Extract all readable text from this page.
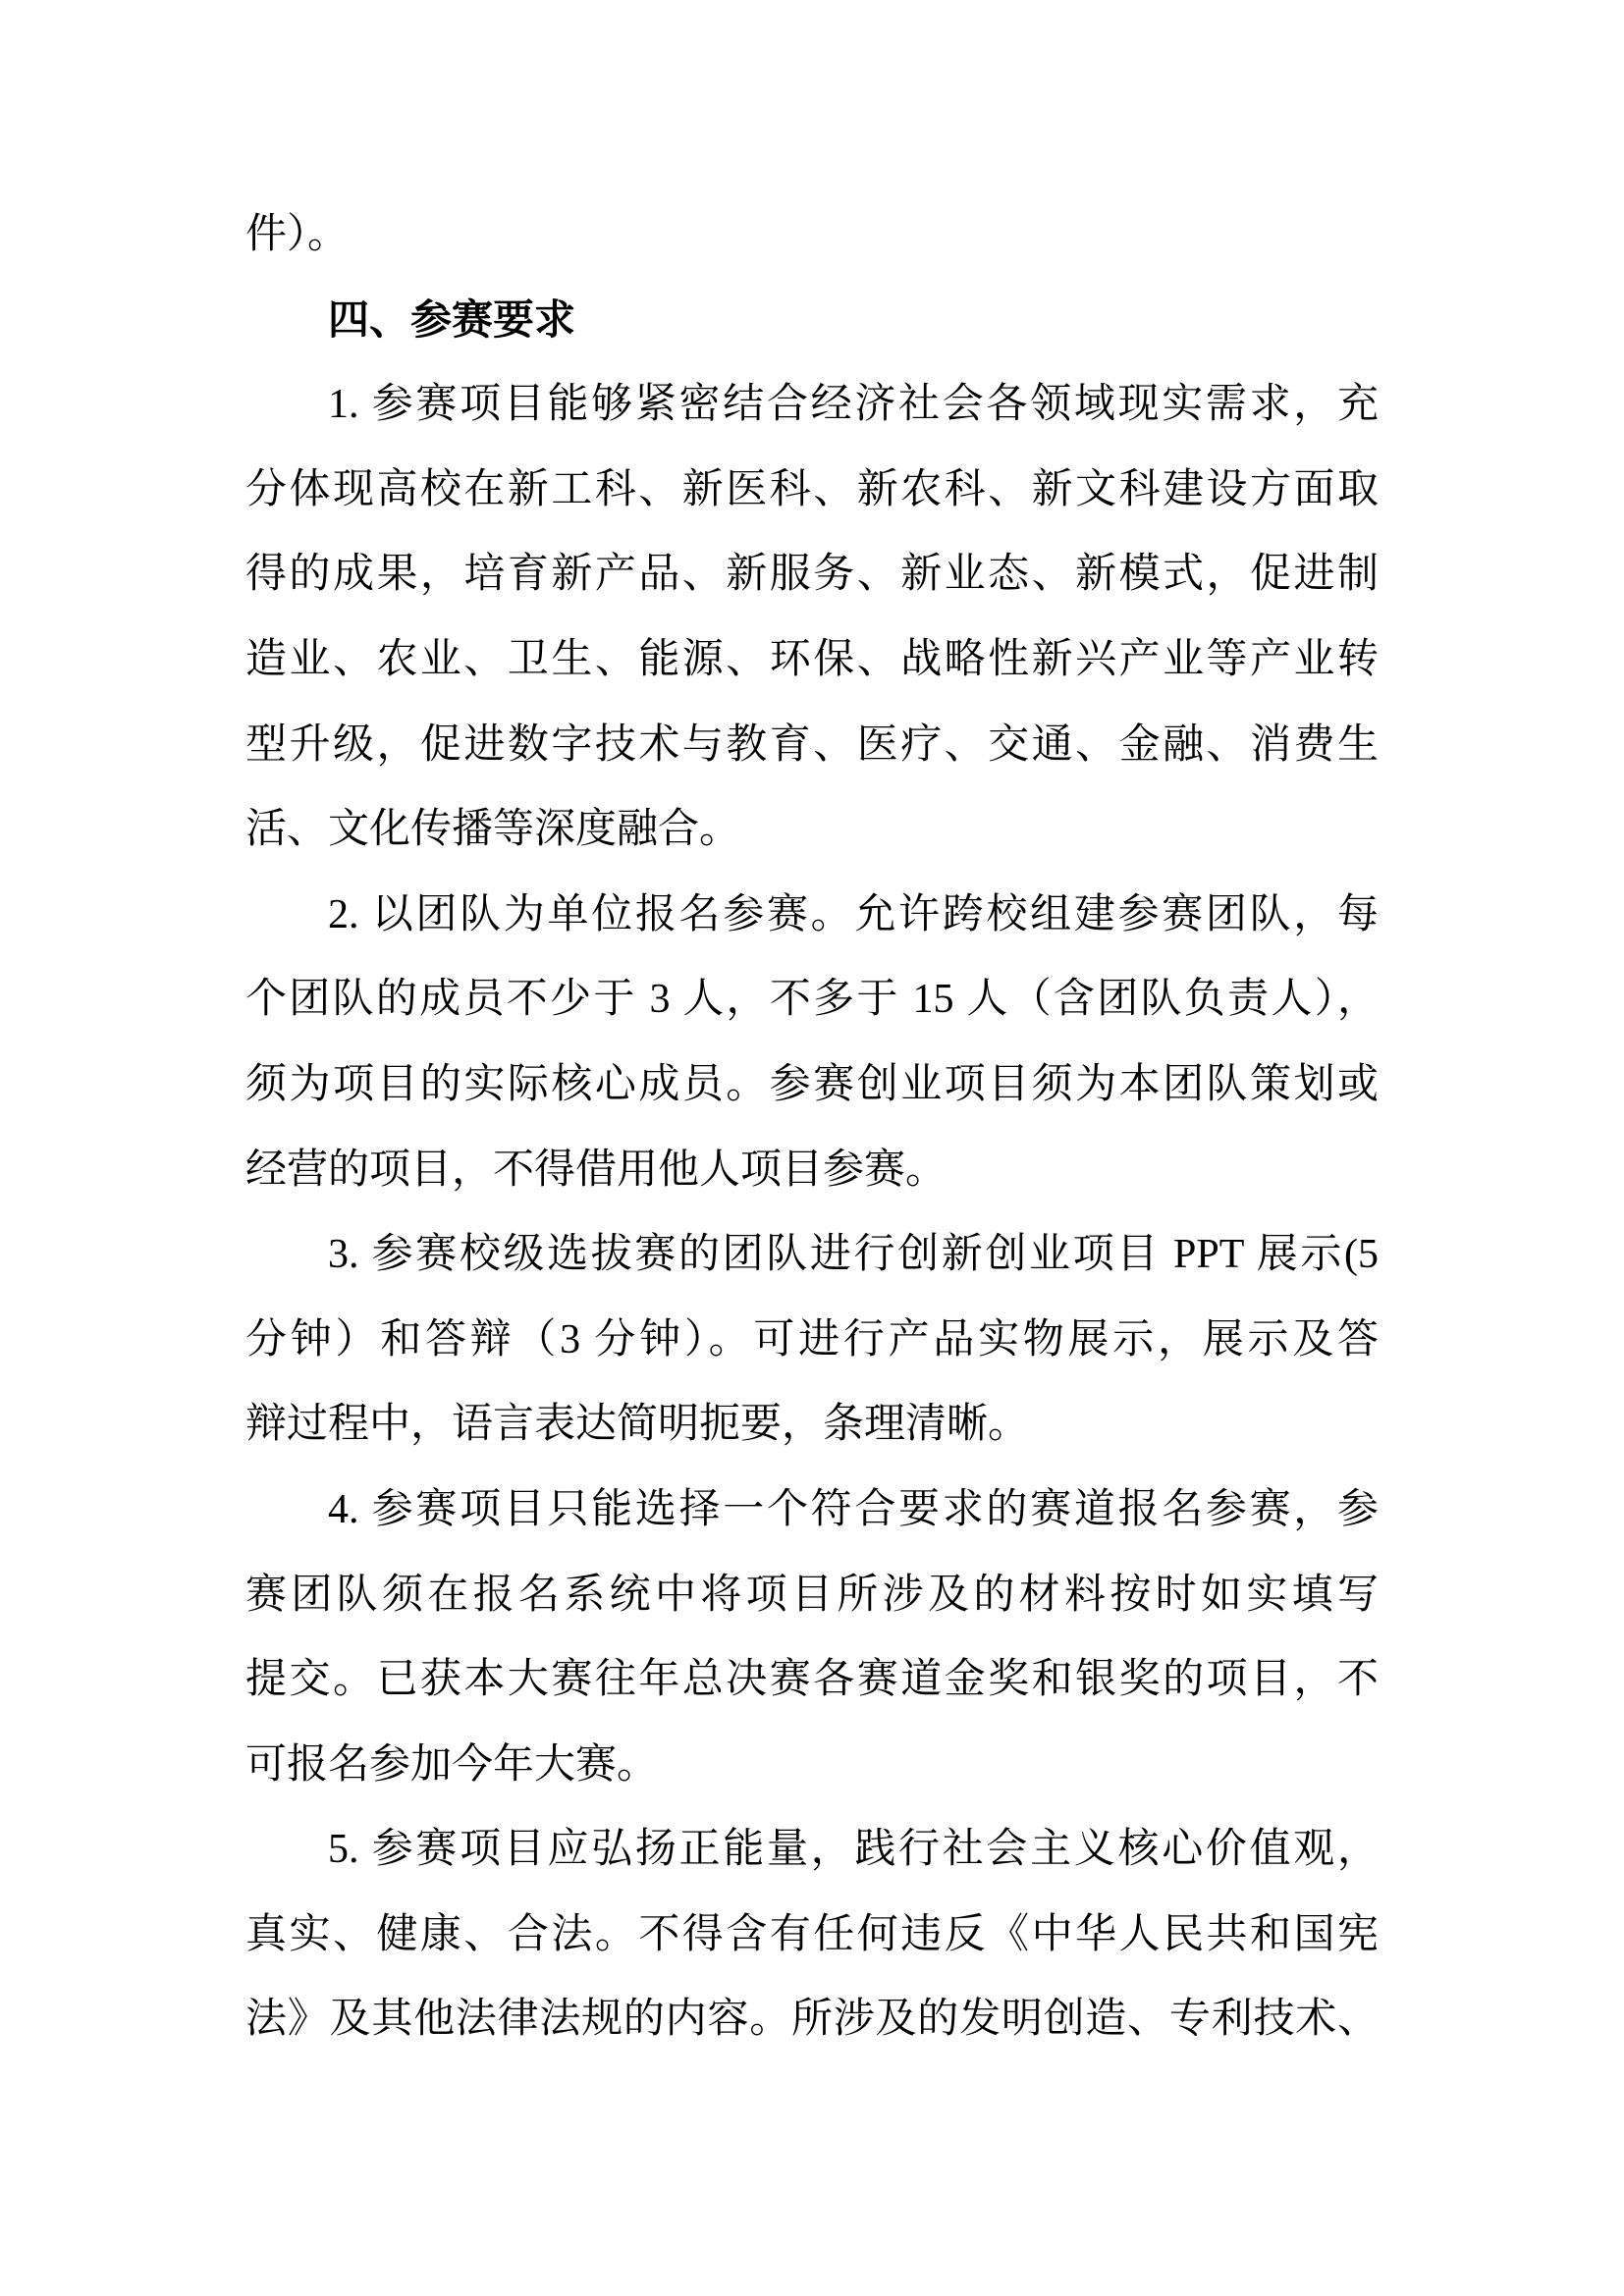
件）。
四、参赛要求
1. 参赛项目能够紧密结合经济社会各领域现实需求，充
分体现高校在新工科、新医科、新农科、新文科建设方面取
得的成果，培育新产品、新服务、新业态、新模式，促进制
造业、农业、卫生、能源、环保、战略性新兴产业等产业转
型升级，促进数字技术与教育、医疗、交通、金融、消费生
活、文化传播等深度融合。
2. 以团队为单位报名参赛。允许跨校组建参赛团队，每
个团队的成员不少于 3 人，不多于 15 人（含团队负责人），
须为项目的实际核心成员。参赛创业项目须为本团队策划或
经营的项目，不得借用他人项目参赛。
3. 参赛校级选拔赛的团队进行创新创业项目 PPT 展示(5
分钟）和答辩（3 分钟）。可进行产品实物展示，展示及答
辩过程中，语言表达简明扼要，条理清晰。
4. 参赛项目只能选择一个符合要求的赛道报名参赛，参
赛团队须在报名系统中将项目所涉及的材料按时如实填写
提交。已获本大赛往年总决赛各赛道金奖和银奖的项目，不
可报名参加今年大赛。
5. 参赛项目应弘扬正能量，践行社会主义核心价值观，
真实、健康、合法。不得含有任何违反《中华人民共和国宪
法》及其他法律法规的内容。所涉及的发明创造、专利技术、
